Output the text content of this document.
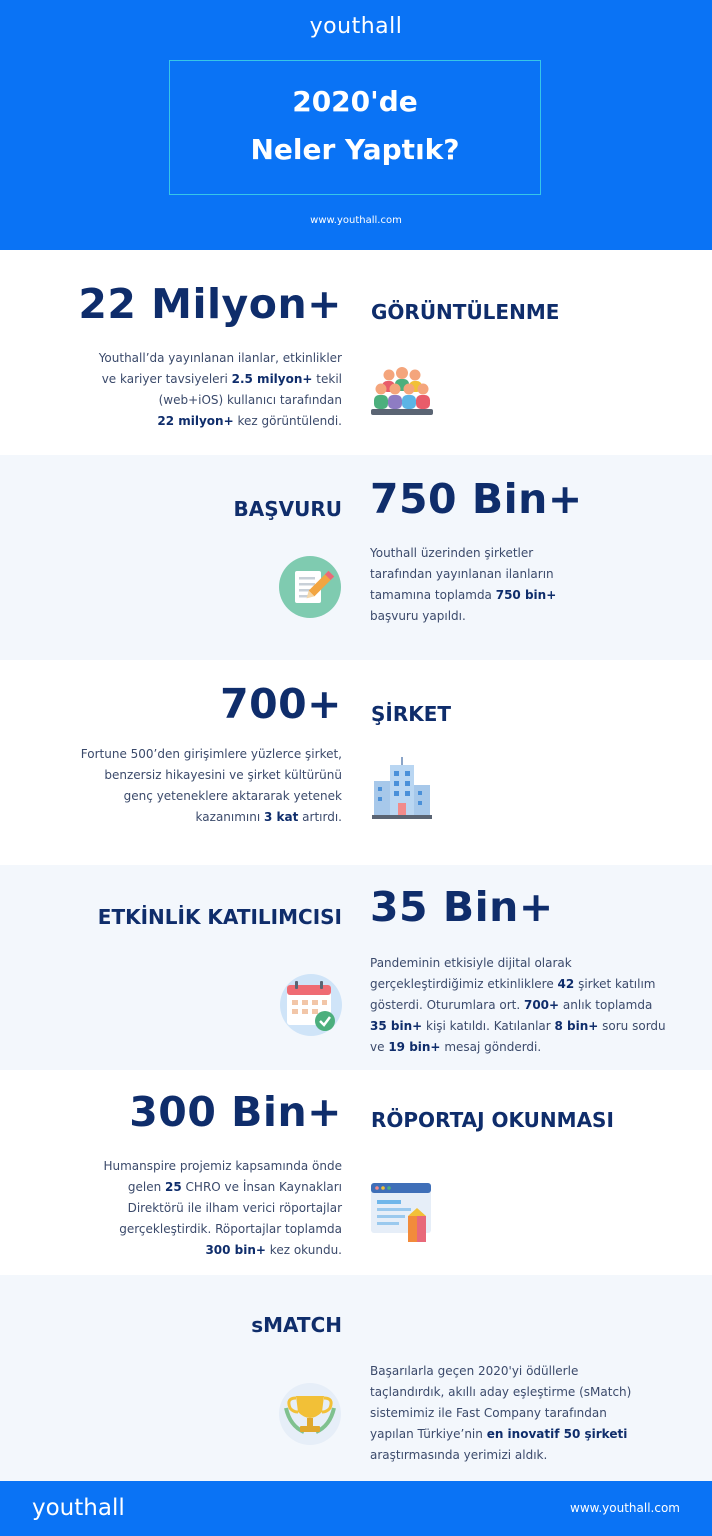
youthall
2020'de
Neler Yaptık?
www.youthall.com
22 Milyon+ GÖRÜNTÜLENME
Youthall’da yayınlanan ilanlar, etkinlikler
ve kariyer tavsiyeleri 2.5 milyon+ tekil
(web+iOS) kullanıcı tarafından
22 milyon+ kez görüntülendi.
BAŞVURU 750 Bin+
Youthall üzerinden şirketler
tarafından yayınlanan ilanların
tamamına toplamda 750 bin+
başvuru yapıldı.
700+ ŞİRKET
Fortune 500’den girişimlere yüzlerce şirket,
benzersiz hikayesini ve şirket kültürünü
genç yeteneklere aktararak yetenek
kazanımını 3 kat artırdı.
ETKİNLİK KATILIMCISI 35 Bin+
Pandeminin etkisiyle dijital olarak
gerçekleştirdiğimiz etkinliklere 42 şirket katılım
gösterdi. Oturumlara ort. 700+ anlık toplamda
35 bin+ kişi katıldı. Katılanlar 8 bin+ soru sordu
ve 19 bin+ mesaj gönderdi.
300 Bin+ RÖPORTAJ OKUNMASI
Humanspire projemiz kapsamında önde
gelen 25 CHRO ve İnsan Kaynakları
Direktörü ile ilham verici röportajlar
gerçekleştirdik. Röportajlar toplamda
300 bin+ kez okundu.
sMATCH
Başarılarla geçen 2020'yi ödüllerle
taçlandırdık, akıllı aday eşleştirme (sMatch)
sistemimiz ile Fast Company tarafından
yapılan Türkiye’nin en inovatif 50 şirketi
araştırmasında yerimizi aldık.
youthall	www.youthall.com
